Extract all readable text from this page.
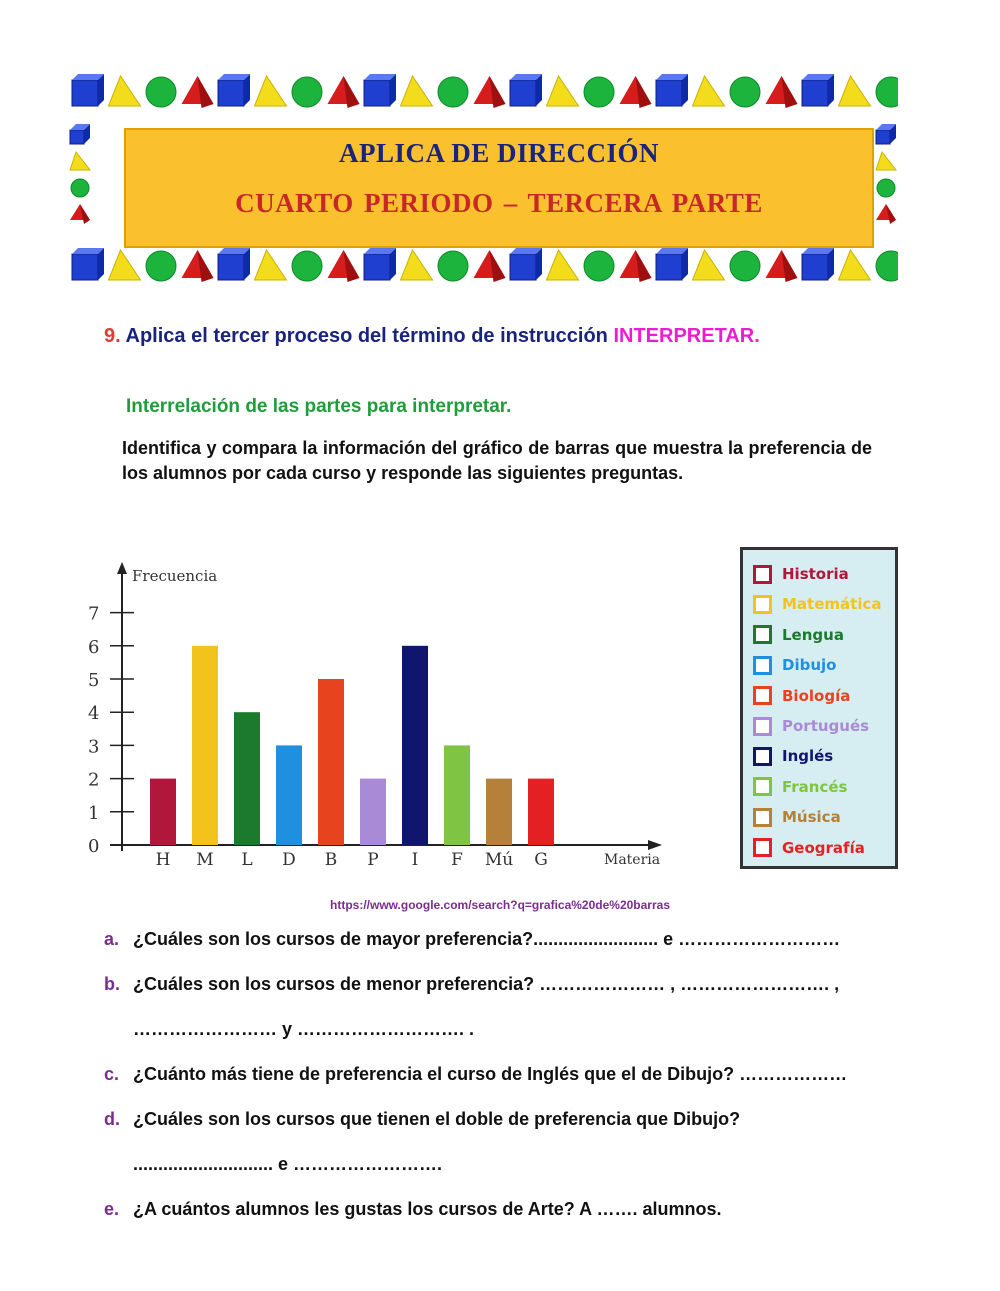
APLICA DE DIRECCIÓN
CUARTO PERIODO – TERCERA PARTE
9. Aplica el tercer proceso del término de instrucción INTERPRETAR.
Interrelación de las partes para interpretar.
Identifica y compara la información del gráfico de barras que muestra la preferencia de los alumnos por cada curso y responde las siguientes preguntas.
Frecuencia
Materia
0
1
2
3
4
5
6
7
H M L D B P I F Mú G
Historia
Matemática
Lengua
Dibujo
Biología
Portugués
Inglés
Francés
Música
Geografía
https://www.google.com/search?q=grafica%20de%20barras
a. ¿Cuáles son los cursos de mayor preferencia?......................... e ………………………
b. ¿Cuáles son los cursos de menor preferencia? ………………… , ……………………. ,
…………………… y ………………………. .
c. ¿Cuánto más tiene de preferencia el curso de Inglés que el de Dibujo? ………………
d. ¿Cuáles son los cursos que tienen el doble de preferencia que Dibujo?
............................ e …………………….
e. ¿A cuántos alumnos les gustas los cursos de Arte? A ……. alumnos.
